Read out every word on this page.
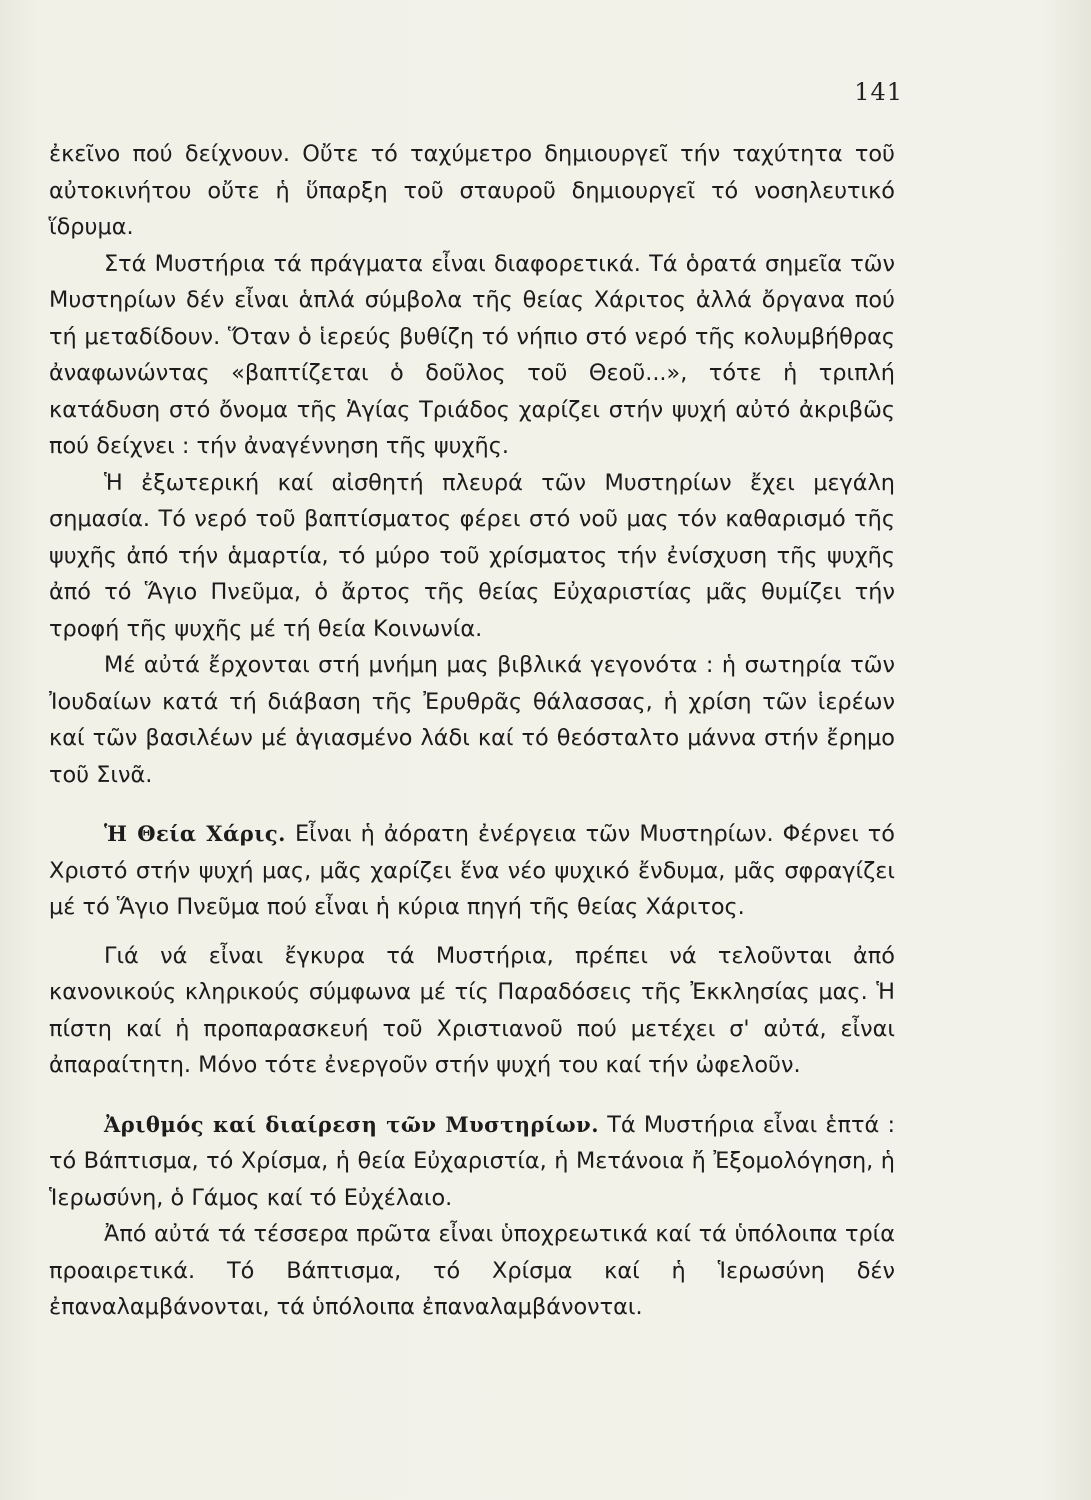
141

ἐκεῖνο πού δείχνουν. Οὔτε τό ταχύμετρο δημιουργεῖ τήν ταχύτητα τοῦ αὐτοκινήτου οὔτε ἡ ὕπαρξη τοῦ σταυροῦ δημιουργεῖ τό νοσηλευτικό ἵδρυμα.

Στά Μυστήρια τά πράγματα εἶναι διαφορετικά. Τά ὁρατά σημεῖα τῶν Μυστηρίων δέν εἶναι ἁπλά σύμβολα τῆς θείας Χάριτος ἀλλά ὄργανα πού τή μεταδίδουν. Ὅταν ὁ ἱερεύς βυθίζη τό νήπιο στό νερό τῆς κολυμβήθρας ἀναφωνώντας «βαπτίζεται ὁ δοῦλος τοῦ Θεοῦ...», τότε ἡ τριπλή κατάδυση στό ὄνομα τῆς Ἁγίας Τριάδος χαρίζει στήν ψυχή αὐτό ἀκριβῶς πού δείχνει : τήν ἀναγέννηση τῆς ψυχῆς.

Ἡ ἐξωτερική καί αἰσθητή πλευρά τῶν Μυστηρίων ἔχει μεγάλη σημασία. Τό νερό τοῦ βαπτίσματος φέρει στό νοῦ μας τόν καθαρισμό τῆς ψυχῆς ἀπό τήν ἁμαρτία, τό μύρο τοῦ χρίσματος τήν ἐνίσχυση τῆς ψυχῆς ἀπό τό Ἅγιο Πνεῦμα, ὁ ἄρτος τῆς θείας Εὐχαριστίας μᾶς θυμίζει τήν τροφή τῆς ψυχῆς μέ τή θεία Κοινωνία.

Μέ αὐτά ἔρχονται στή μνήμη μας βιβλικά γεγονότα : ἡ σωτηρία τῶν Ἰουδαίων κατά τή διάβαση τῆς Ἐρυθρᾶς θάλασσας, ἡ χρίση τῶν ἱερέων καί τῶν βασιλέων μέ ἁγιασμένο λάδι καί τό θεόσταλτο μάννα στήν ἔρημο τοῦ Σινᾶ.

Ἡ Θεία Χάρις. Εἶναι ἡ ἀόρατη ἐνέργεια τῶν Μυστηρίων. Φέρνει τό Χριστό στήν ψυχή μας, μᾶς χαρίζει ἕνα νέο ψυχικό ἔνδυμα, μᾶς σφραγίζει μέ τό Ἅγιο Πνεῦμα πού εἶναι ἡ κύρια πηγή τῆς θείας Χάριτος.

Γιά νά εἶναι ἔγκυρα τά Μυστήρια, πρέπει νά τελοῦνται ἀπό κανονικούς κληρικούς σύμφωνα μέ τίς Παραδόσεις τῆς Ἐκκλησίας μας. Ἡ πίστη καί ἡ προπαρασκευή τοῦ Χριστιανοῦ πού μετέχει σ' αὐτά, εἶναι ἀπαραίτητη. Μόνο τότε ἐνεργοῦν στήν ψυχή του καί τήν ὠφελοῦν.

Ἀριθμός καί διαίρεση τῶν Μυστηρίων. Τά Μυστήρια εἶναι ἑπτά : τό Βάπτισμα, τό Χρίσμα, ἡ θεία Εὐχαριστία, ἡ Μετάνοια ἤ Ἐξομολόγηση, ἡ Ἱερωσύνη, ὁ Γάμος καί τό Εὐχέλαιο.

Ἀπό αὐτά τά τέσσερα πρῶτα εἶναι ὑποχρεωτικά καί τά ὑπόλοιπα τρία προαιρετικά. Τό Βάπτισμα, τό Χρίσμα καί ἡ Ἱερωσύνη δέν ἐπαναλαμβάνονται, τά ὑπόλοιπα ἐπαναλαμβάνονται.
